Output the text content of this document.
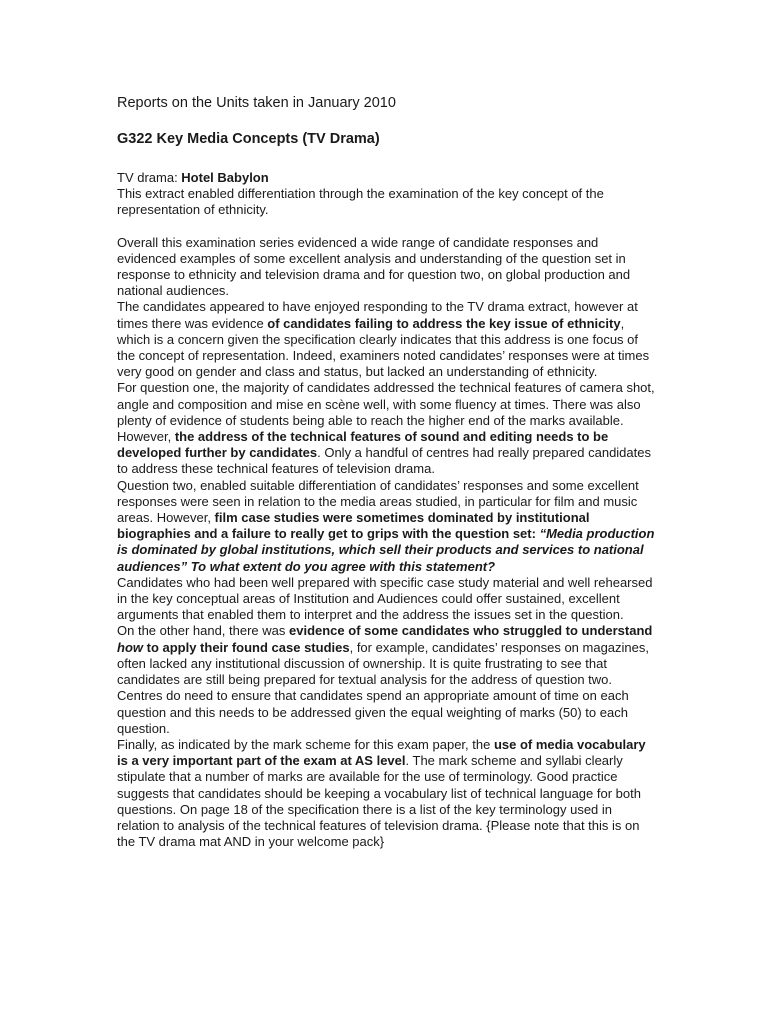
Reports on the Units taken in January 2010

G322 Key Media Concepts (TV Drama)

TV drama: Hotel Babylon
This extract enabled differentiation through the examination of the key concept of the representation of ethnicity.

Overall this examination series evidenced a wide range of candidate responses and evidenced examples of some excellent analysis and understanding of the question set in response to ethnicity and television drama and for question two, on global production and national audiences.

The candidates appeared to have enjoyed responding to the TV drama extract, however at times there was evidence of candidates failing to address the key issue of ethnicity, which is a concern given the specification clearly indicates that this address is one focus of the concept of representation. Indeed, examiners noted candidates’ responses were at times very good on gender and class and status, but lacked an understanding of ethnicity.

For question one, the majority of candidates addressed the technical features of camera shot, angle and composition and mise en scène well, with some fluency at times. There was also plenty of evidence of students being able to reach the higher end of the marks available. However, the address of the technical features of sound and editing needs to be developed further by candidates. Only a handful of centres had really prepared candidates to address these technical features of television drama.

Question two, enabled suitable differentiation of candidates’ responses and some excellent responses were seen in relation to the media areas studied, in particular for film and music areas. However, film case studies were sometimes dominated by institutional biographies and a failure to really get to grips with the question set: “Media production is dominated by global institutions, which sell their products and services to national audiences” To what extent do you agree with this statement?

Candidates who had been well prepared with specific case study material and well rehearsed in the key conceptual areas of Institution and Audiences could offer sustained, excellent arguments that enabled them to interpret and the address the issues set in the question.

On the other hand, there was evidence of some candidates who struggled to understand how to apply their found case studies, for example, candidates’ responses on magazines, often lacked any institutional discussion of ownership. It is quite frustrating to see that candidates are still being prepared for textual analysis for the address of question two.

Centres do need to ensure that candidates spend an appropriate amount of time on each question and this needs to be addressed given the equal weighting of marks (50) to each question.

Finally, as indicated by the mark scheme for this exam paper, the use of media vocabulary is a very important part of the exam at AS level. The mark scheme and syllabi clearly stipulate that a number of marks are available for the use of terminology. Good practice suggests that candidates should be keeping a vocabulary list of technical language for both questions. On page 18 of the specification there is a list of the key terminology used in relation to analysis of the technical features of television drama. {Please note that this is on the TV drama mat AND in your welcome pack}
